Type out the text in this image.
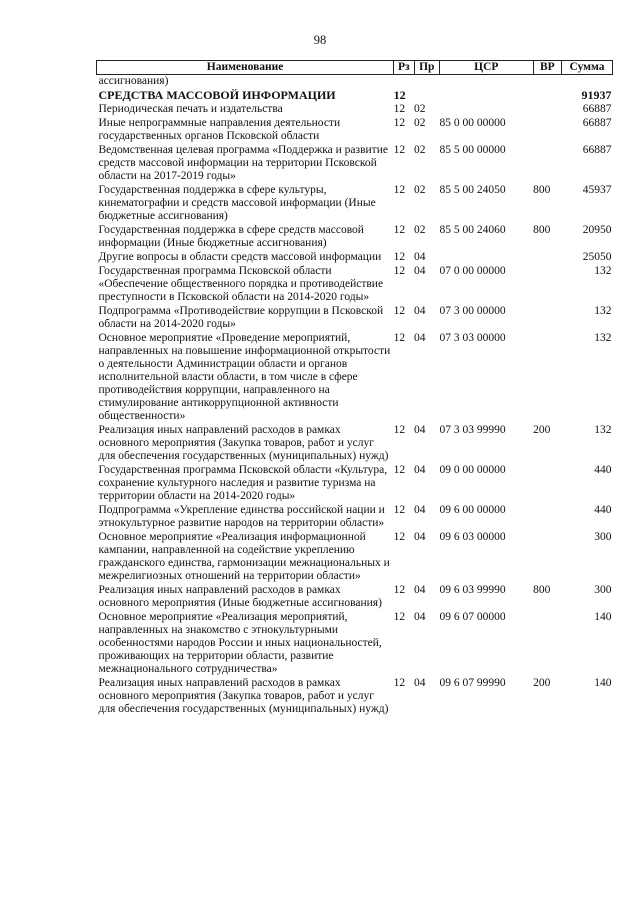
98
Наименование	Рз	Пр	ЦСР	ВР	Сумма
ассигнования)					
СРЕДСТВА МАССОВОЙ ИНФОРМАЦИИ	12				91937
Периодическая печать и издательства	12	02			66887
Иные непрограммные направления деятельности государственных органов Псковской области	12	02	85 0 00 00000		66887
Ведомственная целевая программа «Поддержка и развитие средств массовой информации на территории Псковской области на 2017-2019 годы»	12	02	85 5 00 00000		66887
Государственная поддержка в сфере культуры, кинематографии и средств массовой информации (Иные бюджетные ассигнования)	12	02	85 5 00 24050	800	45937
Государственная поддержка в сфере средств массовой информации (Иные бюджетные ассигнования)	12	02	85 5 00 24060	800	20950
Другие вопросы в области средств массовой информации	12	04			25050
Государственная программа Псковской области «Обеспечение общественного порядка и противодействие преступности в Псковской области на 2014-2020 годы»	12	04	07 0 00 00000		132
Подпрограмма «Противодействие коррупции в Псковской области на 2014-2020 годы»	12	04	07 3 00 00000		132
Основное мероприятие «Проведение мероприятий, направленных на повышение информационной открытости о деятельности Администрации области и органов исполнительной власти области, в том числе в сфере противодействия коррупции, направленного на стимулирование антикоррупционной активности общественности»	12	04	07 3 03 00000		132
Реализация иных направлений расходов в рамках основного мероприятия (Закупка товаров, работ и услуг для обеспечения государственных (муниципальных) нужд)	12	04	07 3 03 99990	200	132
Государственная программа Псковской области «Культура, сохранение культурного наследия и развитие туризма на территории области на 2014-2020 годы»	12	04	09 0 00 00000		440
Подпрограмма «Укрепление единства российской нации и этнокультурное развитие народов на территории области»	12	04	09 6 00 00000		440
Основное мероприятие «Реализация информационной кампании, направленной на содействие укреплению гражданского единства, гармонизации межнациональных и межрелигиозных отношений на территории области»	12	04	09 6 03 00000		300
Реализация иных направлений расходов в рамках основного мероприятия (Иные бюджетные ассигнования)	12	04	09 6 03 99990	800	300
Основное мероприятие «Реализация мероприятий, направленных на знакомство с этнокультурными особенностями народов России и иных национальностей, проживающих на территории области, развитие межнационального сотрудничества»	12	04	09 6 07 00000		140
Реализация иных направлений расходов в рамках основного мероприятия (Закупка товаров, работ и услуг для обеспечения государственных (муниципальных) нужд)	12	04	09 6 07 99990	200	140
